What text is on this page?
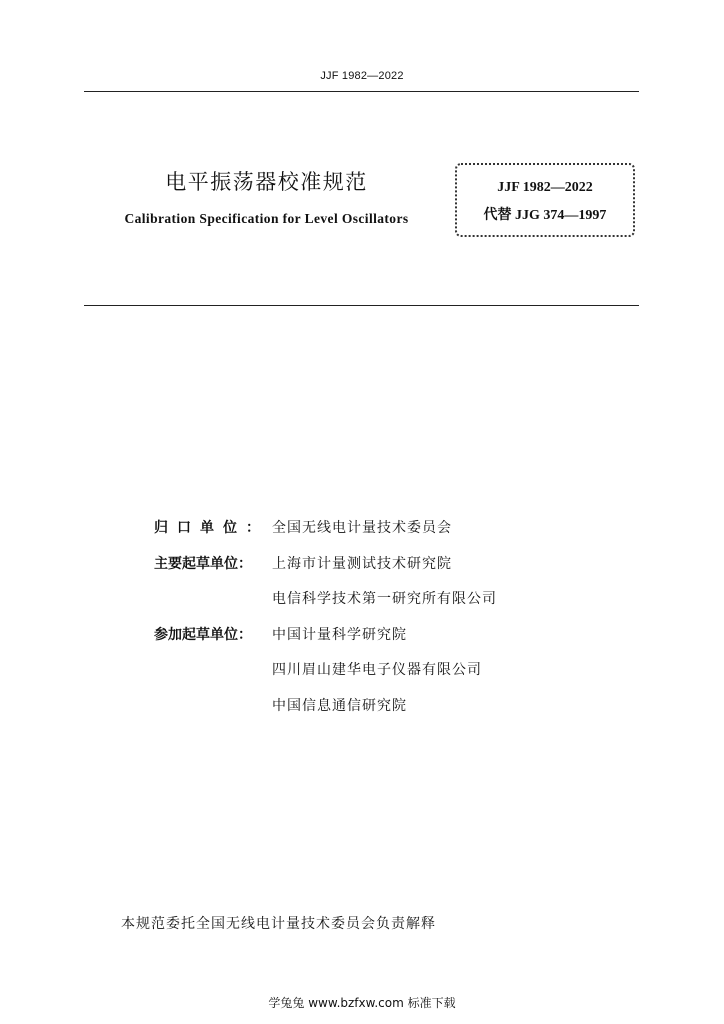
JJF 1982—2022
电平振荡器校准规范
Calibration Specification for Level Oscillators
JJF 1982—2022
代替 JJG 374—1997
归口单位： 全国无线电计量技术委员会
主要起草单位：	上海市计量测试技术研究院
电信科学技术第一研究所有限公司
参加起草单位：	中国计量科学研究院
四川眉山建华电子仪器有限公司
中国信息通信研究院
本规范委托全国无线电计量技术委员会负责解释
学兔兔 www.bzfxw.com 标准下载
